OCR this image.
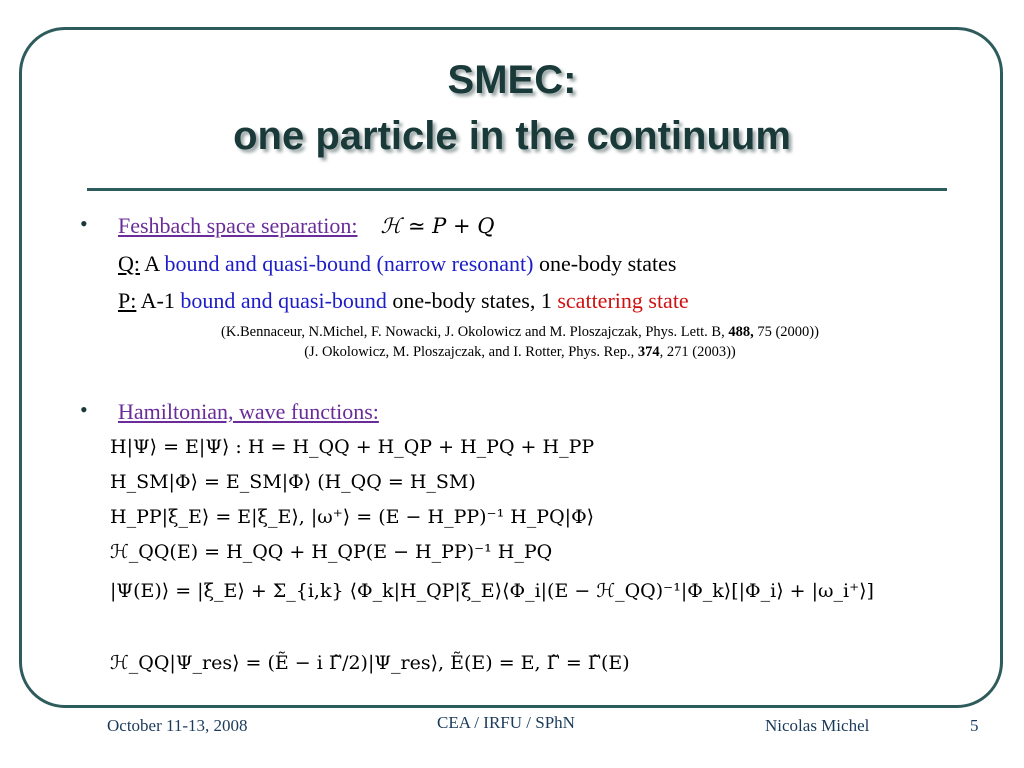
SMEC:
one particle in the continuum
• Feshbach space separation: ℋ ≃ P + Q
Q: A bound and quasi-bound (narrow resonant) one-body states
P: A-1 bound and quasi-bound one-body states, 1 scattering state
(K.Bennaceur, N.Michel, F. Nowacki, J. Okolowicz and M. Ploszajczak, Phys. Lett. B, 488, 75 (2000))
(J. Okolowicz, M. Ploszajczak, and I. Rotter, Phys. Rep., 374, 271 (2003))
• Hamiltonian, wave functions:
H|Ψ⟩ = E|Ψ⟩ : H = H_QQ + H_QP + H_PQ + H_PP
H_SM|Φ⟩ = E_SM|Φ⟩ (H_QQ = H_SM)
H_PP|ξ_E⟩ = E|ξ_E⟩, |ω⁺⟩ = (E − H_PP)⁻¹ H_PQ|Φ⟩
ℋ_QQ(E) = H_QQ + H_QP(E − H_PP)⁻¹ H_PQ
|Ψ(E)⟩ = |ξ_E⟩ + Σ_{i,k} ⟨Φ_k|H_QP|ξ_E⟩⟨Φ_i|(E − ℋ_QQ)⁻¹|Φ_k⟩[|Φ_i⟩ + |ω_i⁺⟩]
ℋ_QQ|Ψ_res⟩ = (Ẽ − i Γ̃/2)|Ψ_res⟩, Ẽ(E) = E, Γ̃ = Γ̃(E)
October 11-13, 2008	CEA / IRFU / SPhN	Nicolas Michel	5
